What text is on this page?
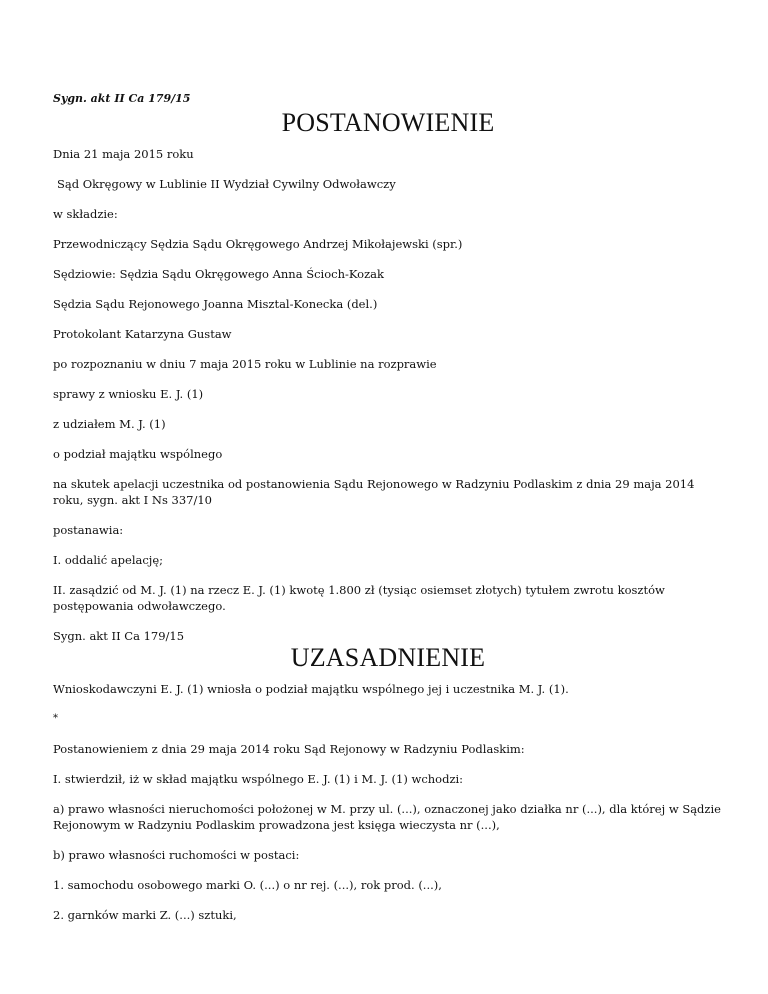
Sygn. akt II Ca 179/15
POSTANOWIENIE
Dnia 21 maja 2015 roku
Sąd Okręgowy w Lublinie II Wydział Cywilny Odwoławczy
w składzie:
Przewodniczący Sędzia Sądu Okręgowego Andrzej Mikołajewski (spr.)
Sędziowie: Sędzia Sądu Okręgowego Anna Ścioch-Kozak
Sędzia Sądu Rejonowego Joanna Misztal-Konecka (del.)
Protokolant Katarzyna Gustaw
po rozpoznaniu w dniu 7 maja 2015 roku w Lublinie na rozprawie
sprawy z wniosku E. J. (1)
z udziałem M. J. (1)
o podział majątku wspólnego
na skutek apelacji uczestnika od postanowienia Sądu Rejonowego w Radzyniu Podlaskim z dnia 29 maja 2014 roku, sygn. akt I Ns 337/10
postanawia:
I. oddalić apelację;
II. zasądzić od M. J. (1) na rzecz E. J. (1) kwotę 1.800 zł (tysiąc osiemset złotych) tytułem zwrotu kosztów postępowania odwoławczego.
Sygn. akt II Ca 179/15
UZASADNIENIE
Wnioskodawczyni E. J. (1) wniosła o podział majątku wspólnego jej i uczestnika M. J. (1).
*
Postanowieniem z dnia 29 maja 2014 roku Sąd Rejonowy w Radzyniu Podlaskim:
I. stwierdził, iż w skład majątku wspólnego E. J. (1) i M. J. (1) wchodzi:
a) prawo własności nieruchomości położonej w M. przy ul. (...), oznaczonej jako działka nr (...), dla której w Sądzie Rejonowym w Radzyniu Podlaskim prowadzona jest księga wieczysta nr (...),
b) prawo własności ruchomości w postaci:
1. samochodu osobowego marki O. (...) o nr rej. (...), rok prod. (...),
2. garnków marki Z. (...) sztuki,
